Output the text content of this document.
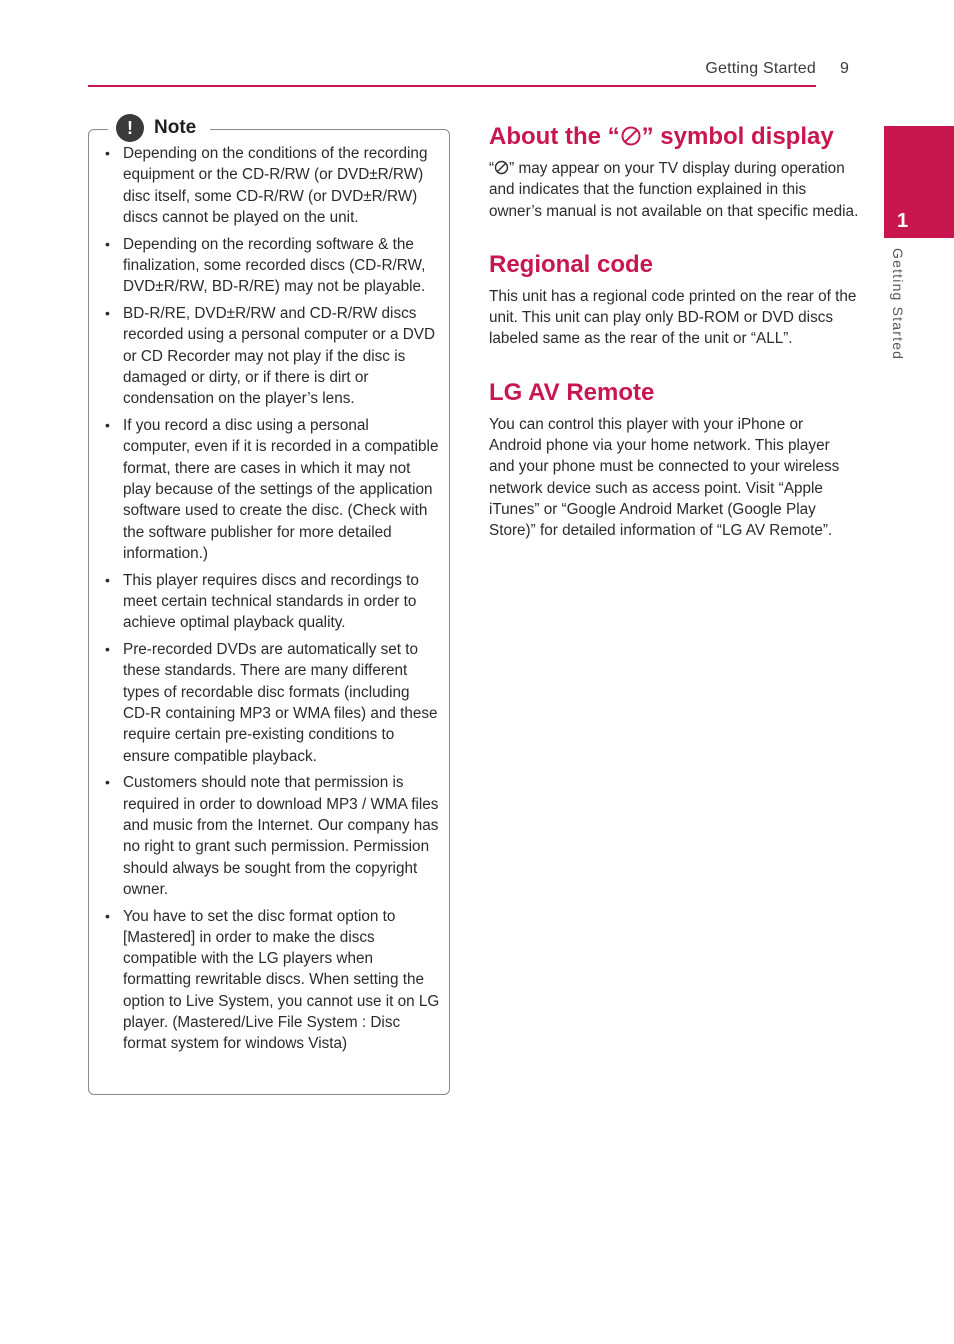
Getting Started 9
1
Getting Started
!	Note
• Depending on the conditions of the recording equipment or the CD-R/RW (or DVD±R/RW) disc itself, some CD-R/RW (or DVD±R/RW) discs cannot be played on the unit.
• Depending on the recording software & the finalization, some recorded discs (CD-R/RW, DVD±R/RW, BD-R/RE) may not be playable.
• BD-R/RE, DVD±R/RW and CD-R/RW discs recorded using a personal computer or a DVD or CD Recorder may not play if the disc is damaged or dirty, or if there is dirt or condensation on the player’s lens.
• If you record a disc using a personal computer, even if it is recorded in a compatible format, there are cases in which it may not play because of the settings of the application software used to create the disc. (Check with the software publisher for more detailed information.)
• This player requires discs and recordings to meet certain technical standards in order to achieve optimal playback quality.
• Pre-recorded DVDs are automatically set to these standards. There are many different types of recordable disc formats (including CD-R containing MP3 or WMA files) and these require certain pre-existing conditions to ensure compatible playback.
• Customers should note that permission is required in order to download MP3 / WMA files and music from the Internet. Our company has no right to grant such permission. Permission should always be sought from the copyright owner.
• You have to set the disc format option to [Mastered] in order to make the discs compatible with the LG players when formatting rewritable discs. When setting the option to Live System, you cannot use it on LG player. (Mastered/Live File System : Disc format system for windows Vista)
About the “ ” symbol display

“ ” may appear on your TV display during operation and indicates that the function explained in this owner’s manual is not available on that specific media.

Regional code

This unit has a regional code printed on the rear of the unit. This unit can play only BD-ROM or DVD discs labeled same as the rear of the unit or “ALL”.

LG AV Remote

You can control this player with your iPhone or Android phone via your home network. This player and your phone must be connected to your wireless network device such as access point. Visit “Apple iTunes” or “Google Android Market (Google Play Store)” for detailed information of “LG AV Remote”.
